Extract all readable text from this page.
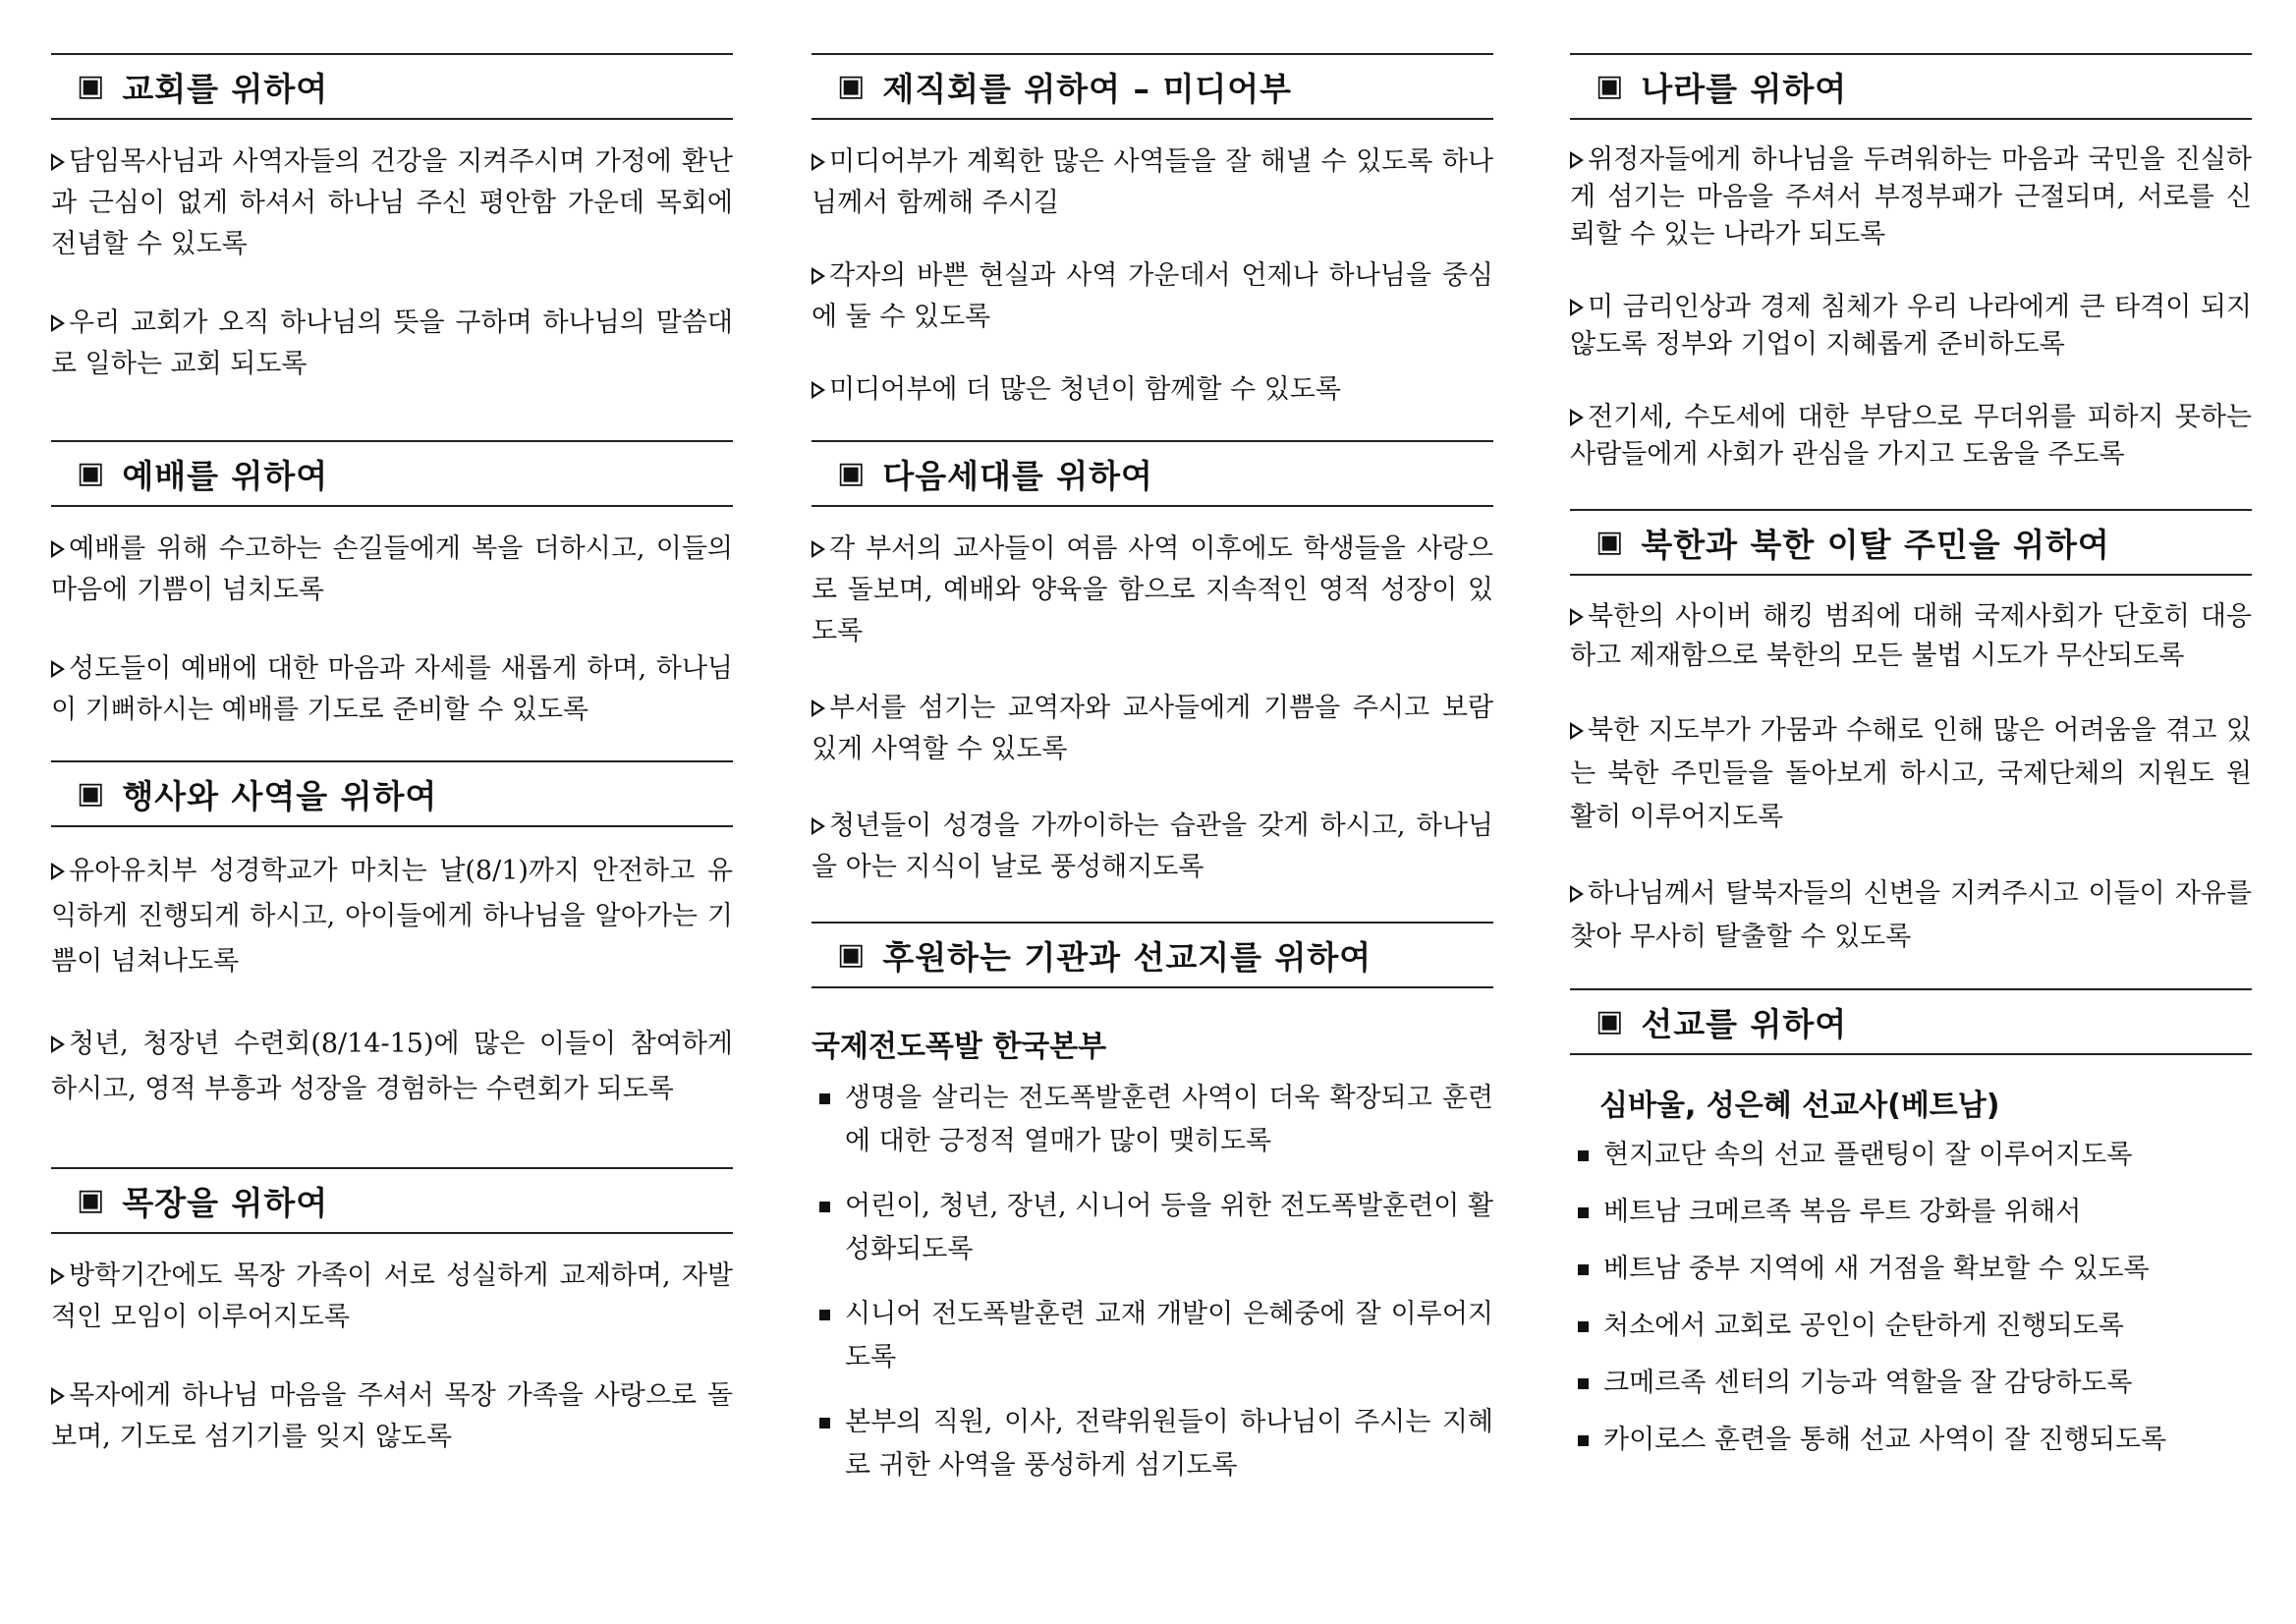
▣ 교회를 위하여

담임목사님과 사역자들의 건강을 지켜주시며 가정에 환난과 근심이 없게 하셔서 하나님 주신 평안함 가운데 목회에 전념할 수 있도록

우리 교회가 오직 하나님의 뜻을 구하며 하나님의 말씀대로 일하는 교회 되도록

▣ 예배를 위하여

예배를 위해 수고하는 손길들에게 복을 더하시고, 이들의 마음에 기쁨이 넘치도록

성도들이 예배에 대한 마음과 자세를 새롭게 하며, 하나님이 기뻐하시는 예배를 기도로 준비할 수 있도록

▣ 행사와 사역을 위하여

유아유치부 성경학교가 마치는 날(8/1)까지 안전하고 유익하게 진행되게 하시고, 아이들에게 하나님을 알아가는 기쁨이 넘쳐나도록

청년, 청장년 수련회(8/14-15)에 많은 이들이 참여하게 하시고, 영적 부흥과 성장을 경험하는 수련회가 되도록

▣ 목장을 위하여

방학기간에도 목장 가족이 서로 성실하게 교제하며, 자발적인 모임이 이루어지도록

목자에게 하나님 마음을 주셔서 목장 가족을 사랑으로 돌보며, 기도로 섬기기를 잊지 않도록

▣ 제직회를 위하여 – 미디어부

미디어부가 계획한 많은 사역들을 잘 해낼 수 있도록 하나님께서 함께해 주시길

각자의 바쁜 현실과 사역 가운데서 언제나 하나님을 중심에 둘 수 있도록

미디어부에 더 많은 청년이 함께할 수 있도록

▣ 다음세대를 위하여

각 부서의 교사들이 여름 사역 이후에도 학생들을 사랑으로 돌보며, 예배와 양육을 함으로 지속적인 영적 성장이 있도록

부서를 섬기는 교역자와 교사들에게 기쁨을 주시고 보람 있게 사역할 수 있도록

청년들이 성경을 가까이하는 습관을 갖게 하시고, 하나님을 아는 지식이 날로 풍성해지도록

▣ 후원하는 기관과 선교지를 위하여

국제전도폭발 한국본부

생명을 살리는 전도폭발훈련 사역이 더욱 확장되고 훈련에 대한 긍정적 열매가 많이 맺히도록

어린이, 청년, 장년, 시니어 등을 위한 전도폭발훈련이 활성화되도록

시니어 전도폭발훈련 교재 개발이 은혜중에 잘 이루어지도록

본부의 직원, 이사, 전략위원들이 하나님이 주시는 지혜로 귀한 사역을 풍성하게 섬기도록

▣ 나라를 위하여

위정자들에게 하나님을 두려워하는 마음과 국민을 진실하게 섬기는 마음을 주셔서 부정부패가 근절되며, 서로를 신뢰할 수 있는 나라가 되도록

미 금리인상과 경제 침체가 우리 나라에게 큰 타격이 되지 않도록 정부와 기업이 지혜롭게 준비하도록

전기세, 수도세에 대한 부담으로 무더위를 피하지 못하는 사람들에게 사회가 관심을 가지고 도움을 주도록

▣ 북한과 북한 이탈 주민을 위하여

북한의 사이버 해킹 범죄에 대해 국제사회가 단호히 대응하고 제재함으로 북한의 모든 불법 시도가 무산되도록

북한 지도부가 가뭄과 수해로 인해 많은 어려움을 겪고 있는 북한 주민들을 돌아보게 하시고, 국제단체의 지원도 원활히 이루어지도록

하나님께서 탈북자들의 신변을 지켜주시고 이들이 자유를 찾아 무사히 탈출할 수 있도록

▣ 선교를 위하여

심바울, 성은혜 선교사(베트남)

현지교단 속의 선교 플랜팅이 잘 이루어지도록

베트남 크메르족 복음 루트 강화를 위해서

베트남 중부 지역에 새 거점을 확보할 수 있도록

처소에서 교회로 공인이 순탄하게 진행되도록

크메르족 센터의 기능과 역할을 잘 감당하도록

카이로스 훈련을 통해 선교 사역이 잘 진행되도록
